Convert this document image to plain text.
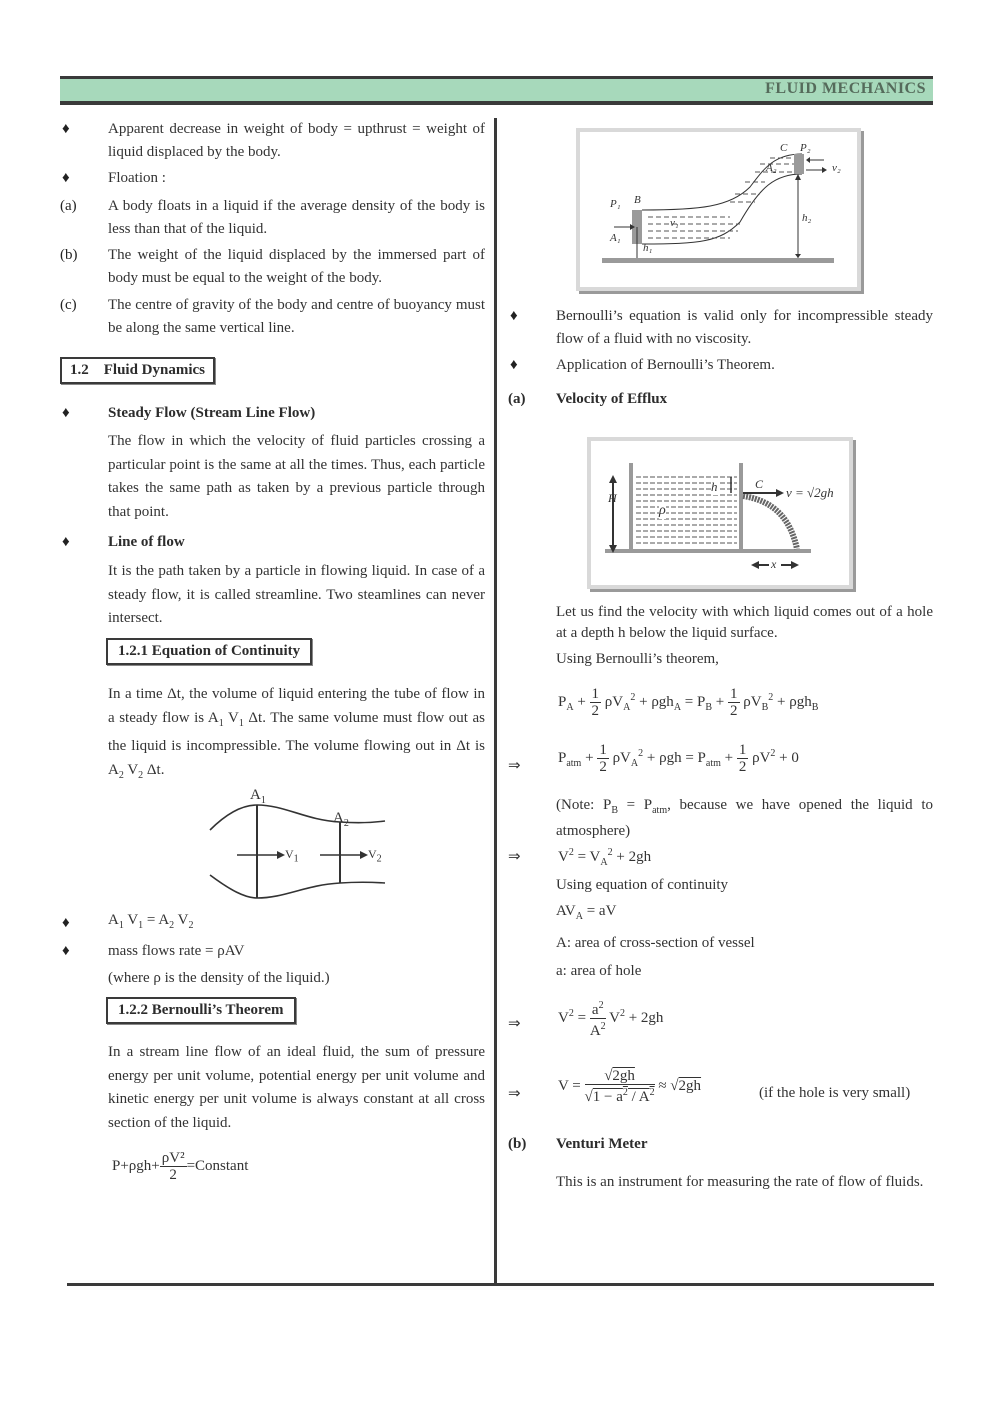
FLUID MECHANICS
♦	Apparent decrease in weight of body = upthrust = weight of liquid displaced by the body.
♦	Floation :
(a) A body floats in a liquid if the average density of the body is less than that of the liquid.
(b) The weight of the liquid displaced by the immersed part of body must be equal to the weight of the body.
(c) The centre of gravity of the body and centre of buoyancy must be along the same vertical line.
1.2 Fluid Dynamics
♦	Steady Flow (Stream Line Flow)
The flow in which the velocity of fluid particles crossing a particular point is the same at all the times. Thus, each particle takes the same path as taken by a previous particle through that point.
♦	Line of flow
It is the path taken by a particle in flowing liquid. In case of a steady flow, it is called streamline. Two steamlines can never intersect.
1.2.1 Equation of Continuity
In a time Δt, the volume of liquid entering the tube of flow in a steady flow is $A_1$ $V_1$ Δt. The same volume must flow out as the liquid is incompressible. The volume flowing out in Δt is $A_2$ $V_2$ Δt.
$A_1$
$A_2$
$V_1$	$V_2$
♦	$A_1$ $V_1 = A_2$ $V_2$
♦	mass flows rate = ρAV
(where ρ is the density of the liquid.)
1.2.2 Bernoulli’s Theorem
In a stream line flow of an ideal fluid, the sum of pressure energy per unit volume, potential energy per unit volume and kinetic energy per unit volume is always constant at all cross section of the liquid.
$P+\rho gh+ \frac{\text{ρV²}}{2}$ =Constant
P₁ B
A₁
v₁
h₁
C P₂
A₂	v₂
h₂
♦	Bernoulli’s equation is valid only for incompressible steady flow of a fluid with no viscosity.
♦	Application of Bernoulli’s Theorem.
(a) Velocity of Efflux
H
h
ρ
C
v = √2gh
x
Let us find the velocity with which liquid comes out of a hole at a depth h below the liquid surface.
Using Bernoulli’s theorem,
$P_A + \frac{1}{2} \rho V_A^2 + \rho gh_A = P_B + \frac{1}{2} \rho V_B^2 + \rho gh_B$
⇒
$P_{atm} + \frac{1}{2} \rho V_A^2 + \rho gh = P_{atm} + \frac{1}{2} \rho V^2 + 0$
(Note: $P_B = P_{atm}$, because we have opened the liquid to atmosphere)
⇒ $V^2 = V_A^2 + 2gh$
Using equation of continuity
$AV_A$ = aV
A: area of cross-section of vessel
a: area of hole
⇒ $V^2 = \frac{a^2}{A^2} V^2 + 2gh$
⇒
$V = \frac{√2gh}{√1 - a^2 / A^2} \approx √2gh$	(if the hole is very small)
(b) Venturi Meter
This is an instrument for measuring the rate of flow of fluids.
